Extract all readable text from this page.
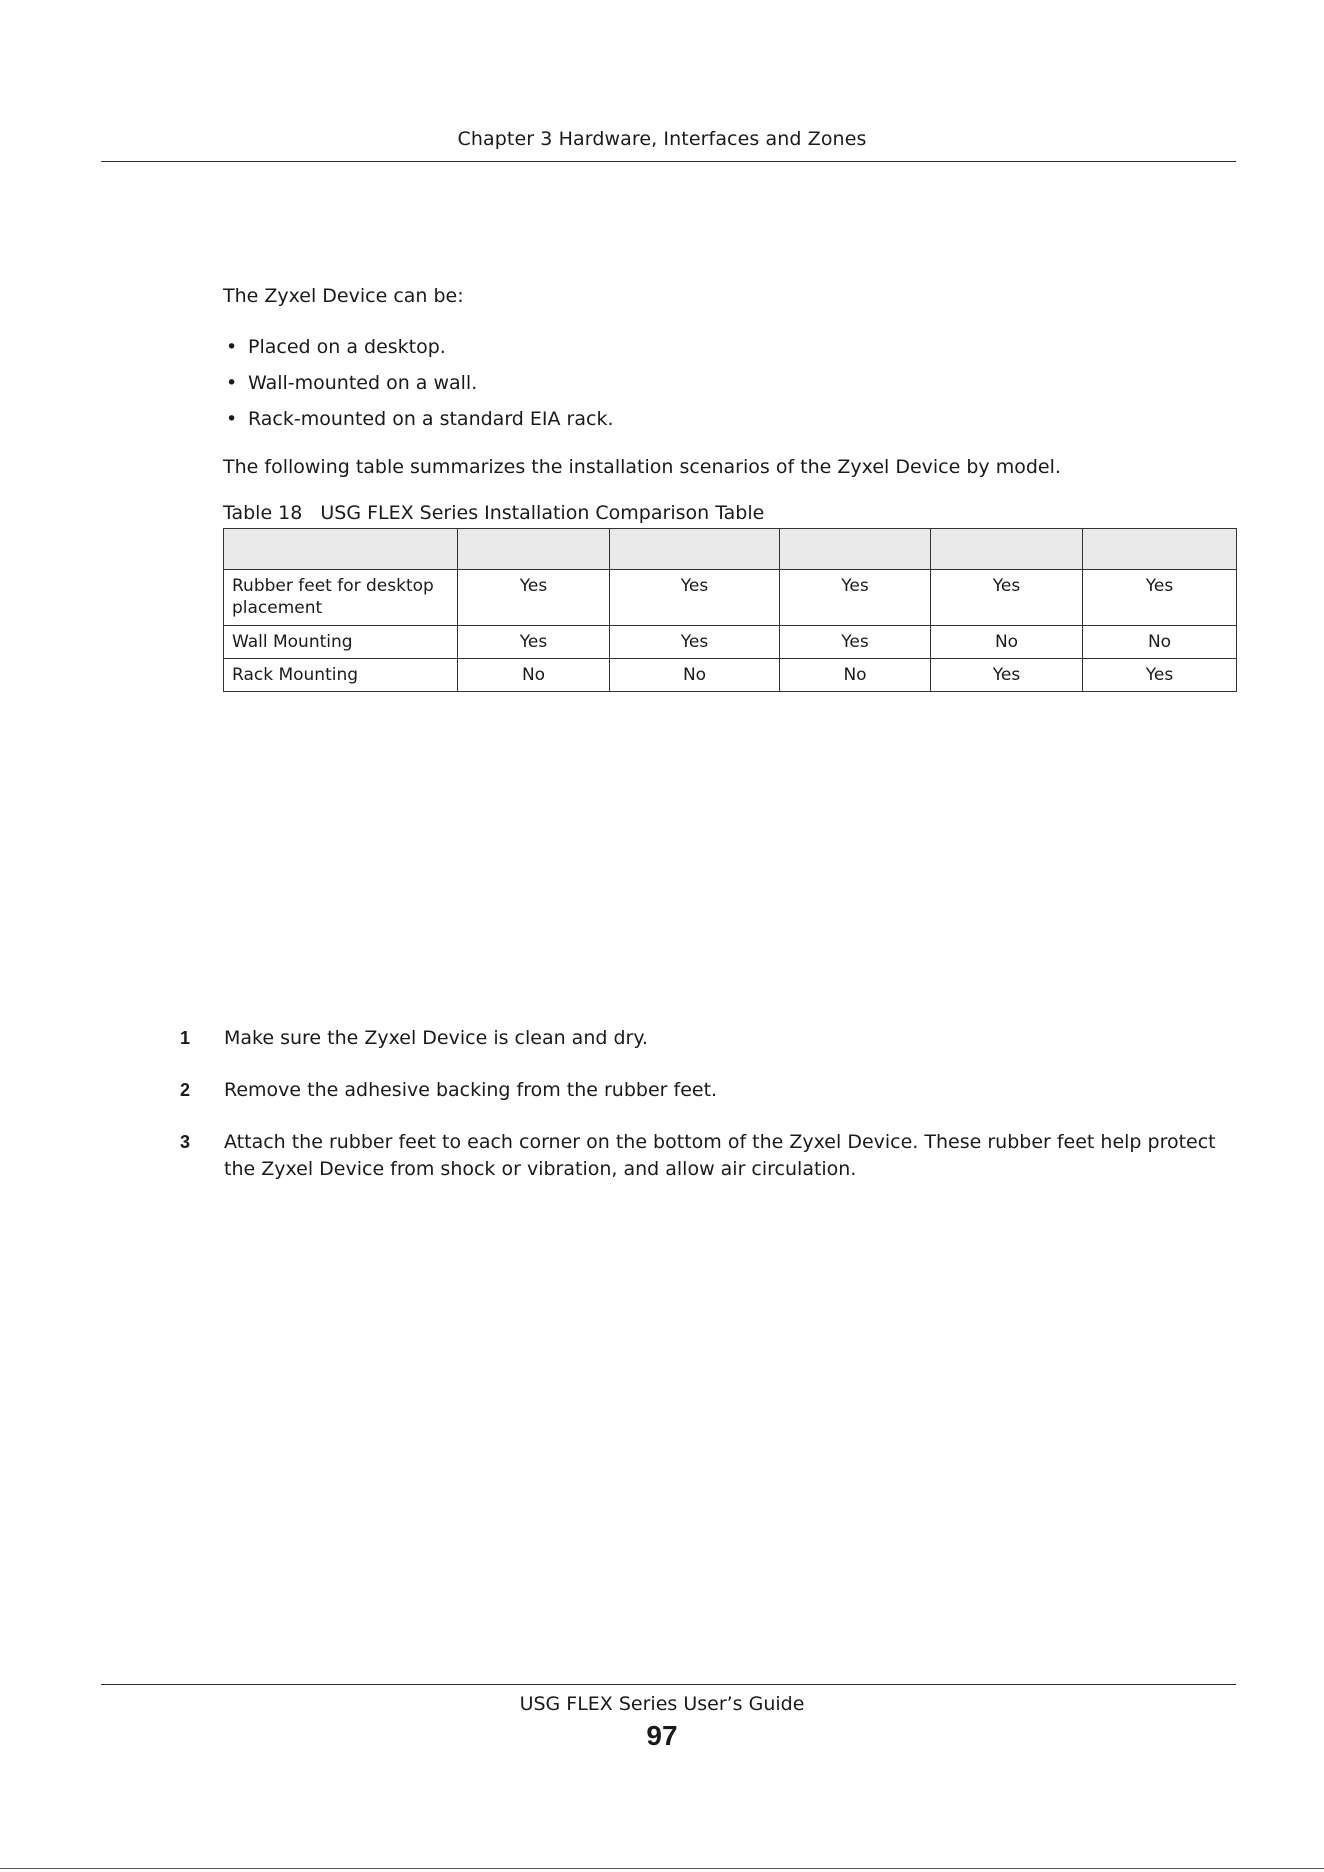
Chapter 3 Hardware, Interfaces and Zones
The Zyxel Device can be:
• Placed on a desktop.
• Wall-mounted on a wall.
• Rack-mounted on a standard EIA rack.
The following table summarizes the installation scenarios of the Zyxel Device by model.
Table 18 USG FLEX Series Installation Comparison Table

Rubber feet for desktop placement	Yes	Yes	Yes	Yes	Yes
Wall Mounting	Yes	Yes	Yes	No	No
Rack Mounting	No	No	No	Yes	Yes
1 Make sure the Zyxel Device is clean and dry.
2 Remove the adhesive backing from the rubber feet.
3 Attach the rubber feet to each corner on the bottom of the Zyxel Device. These rubber feet help protect the Zyxel Device from shock or vibration, and allow air circulation.
USG FLEX Series User’s Guide
97
